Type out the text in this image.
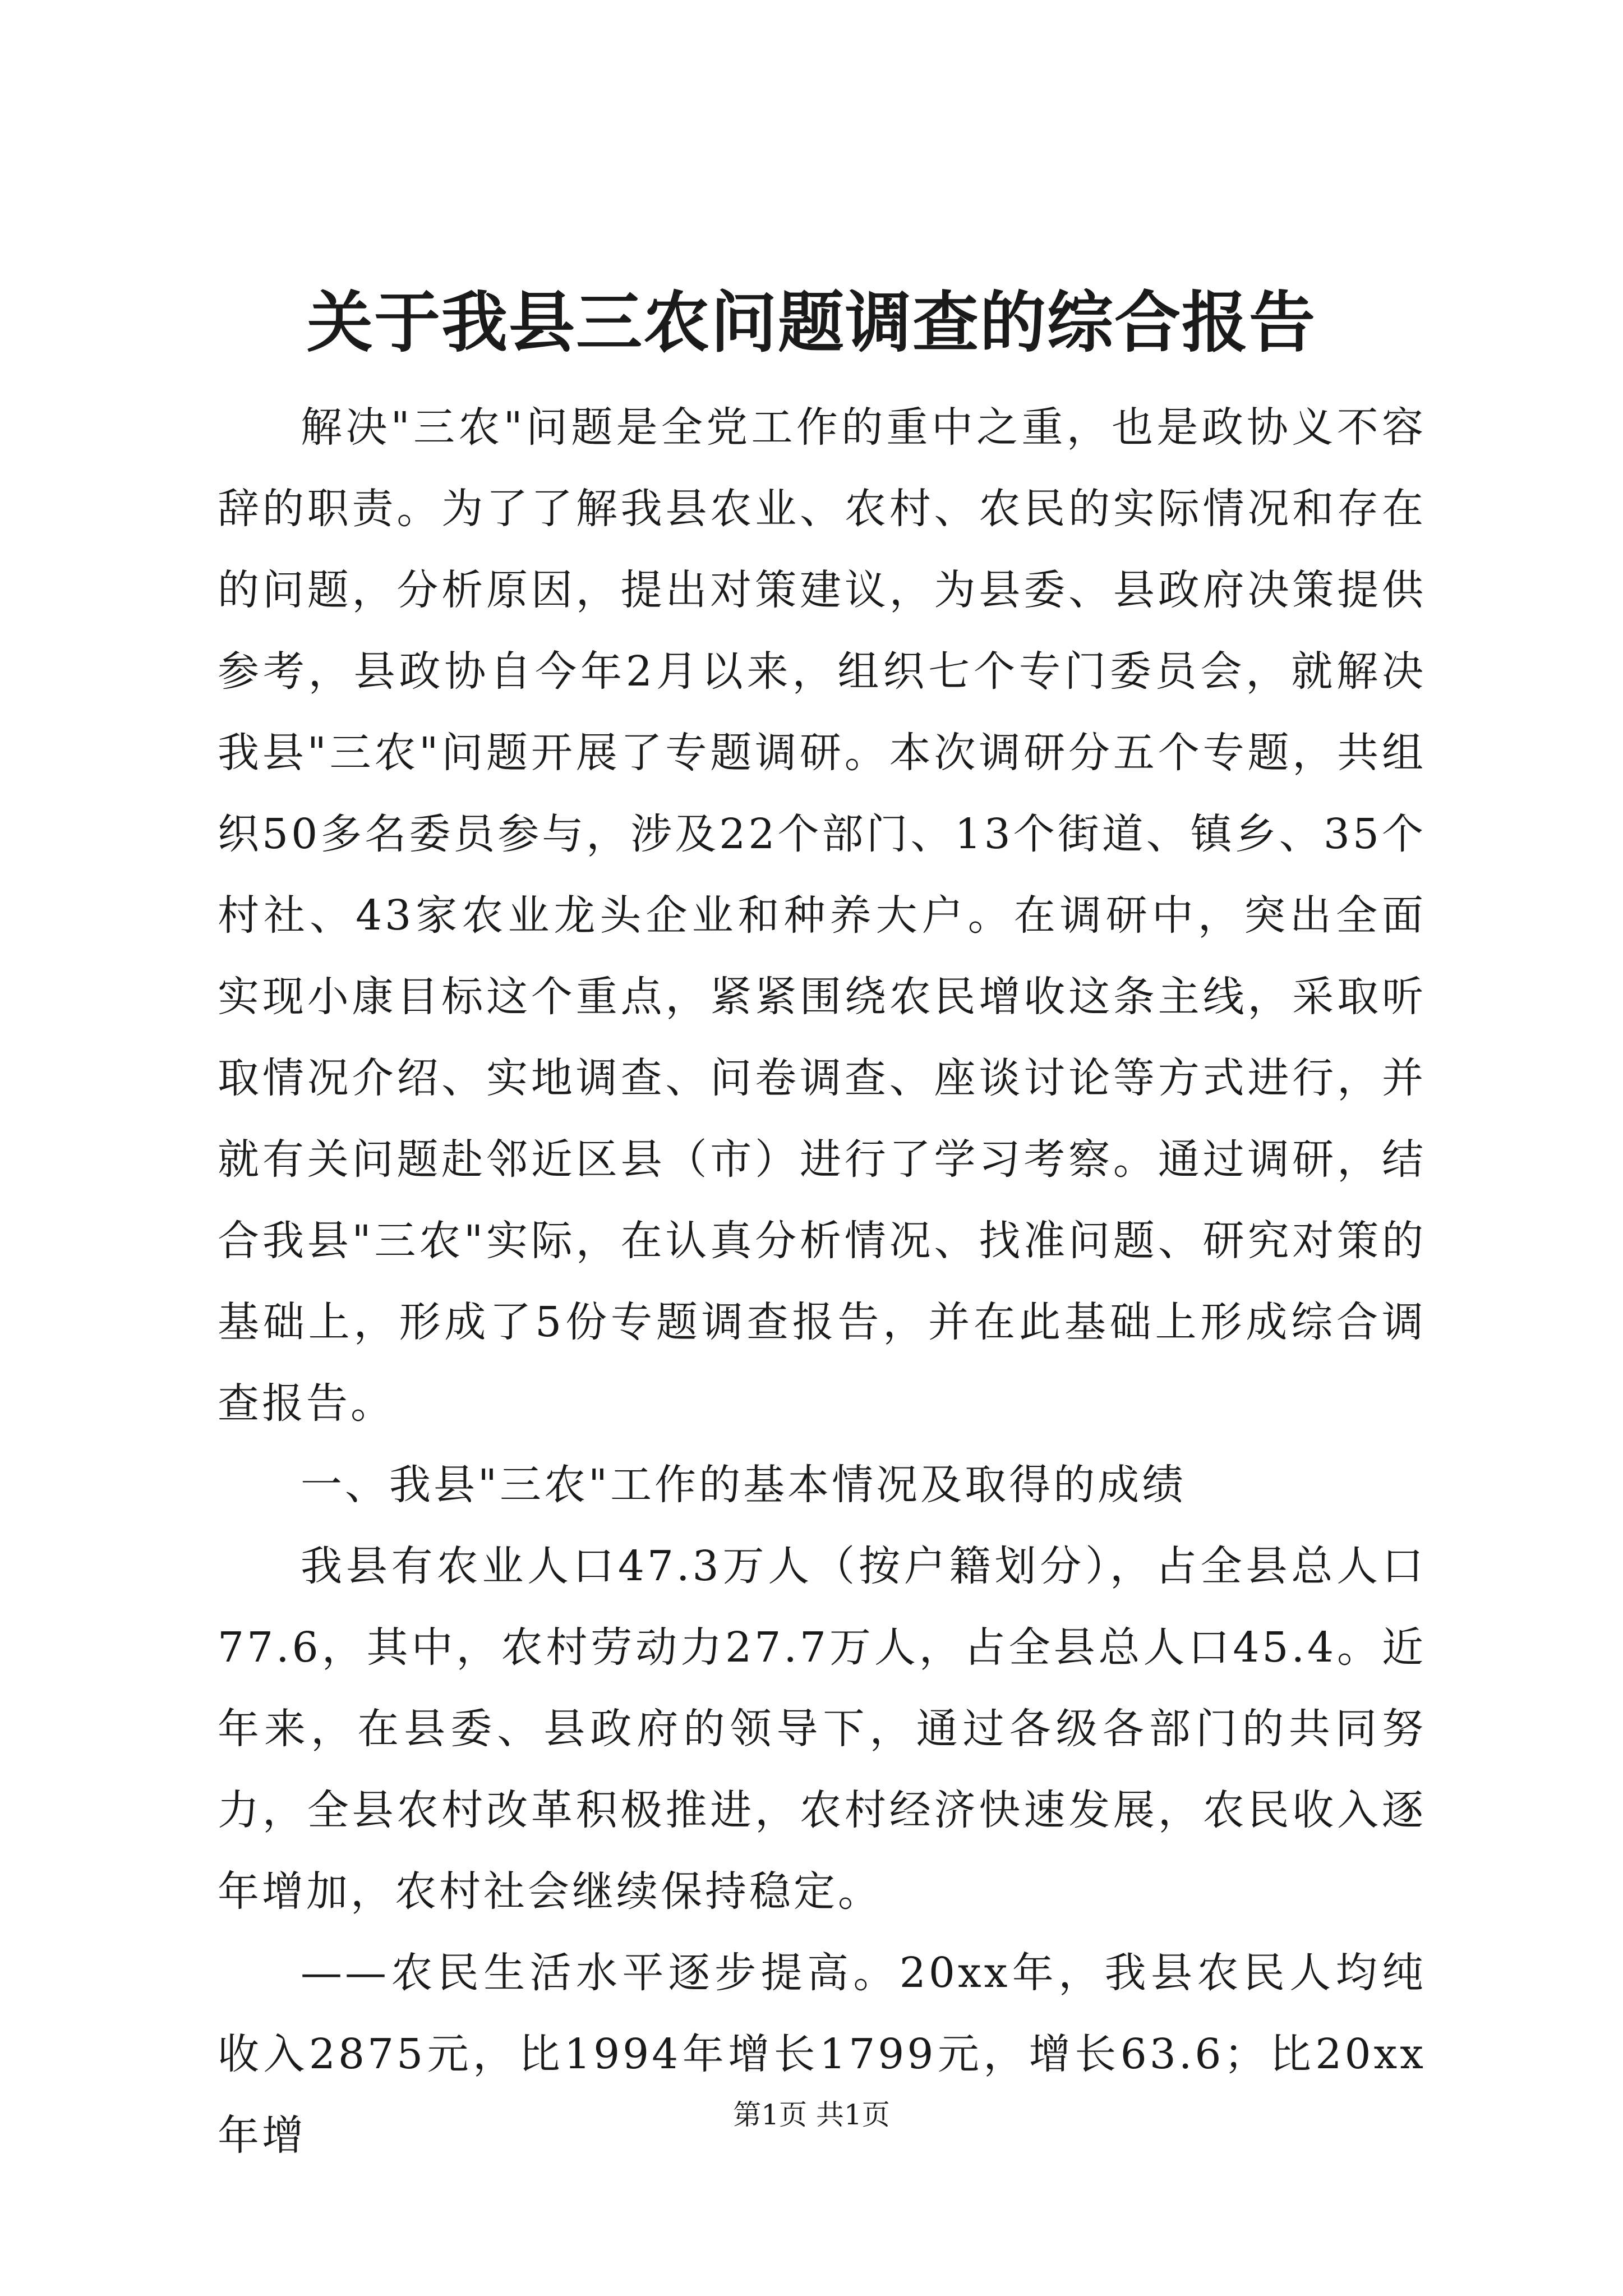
关于我县三农问题调查的综合报告

解决"三农"问题是全党工作的重中之重，也是政协义不容辞的职责。为了了解我县农业、农村、农民的实际情况和存在的问题，分析原因，提出对策建议，为县委、县政府决策提供参考，县政协自今年2月以来，组织七个专门委员会，就解决我县"三农"问题开展了专题调研。本次调研分五个专题，共组织50多名委员参与，涉及22个部门、13个街道、镇乡、35个村社、43家农业龙头企业和种养大户。在调研中，突出全面实现小康目标这个重点，紧紧围绕农民增收这条主线，采取听取情况介绍、实地调查、问卷调查、座谈讨论等方式进行，并就有关问题赴邻近区县（市）进行了学习考察。通过调研，结合我县"三农"实际，在认真分析情况、找准问题、研究对策的基础上，形成了5份专题调查报告，并在此基础上形成综合调查报告。

一、我县"三农"工作的基本情况及取得的成绩

我县有农业人口47.3万人（按户籍划分），占全县总人口77.6，其中，农村劳动力27.7万人，占全县总人口45.4。近年来，在县委、县政府的领导下，通过各级各部门的共同努力，全县农村改革积极推进，农村经济快速发展，农民收入逐年增加，农村社会继续保持稳定。

——农民生活水平逐步提高。20xx年，我县农民人均纯收入2875元，比1994年增长1799元，增长63.6；比20xx年增	第1页 共1页
